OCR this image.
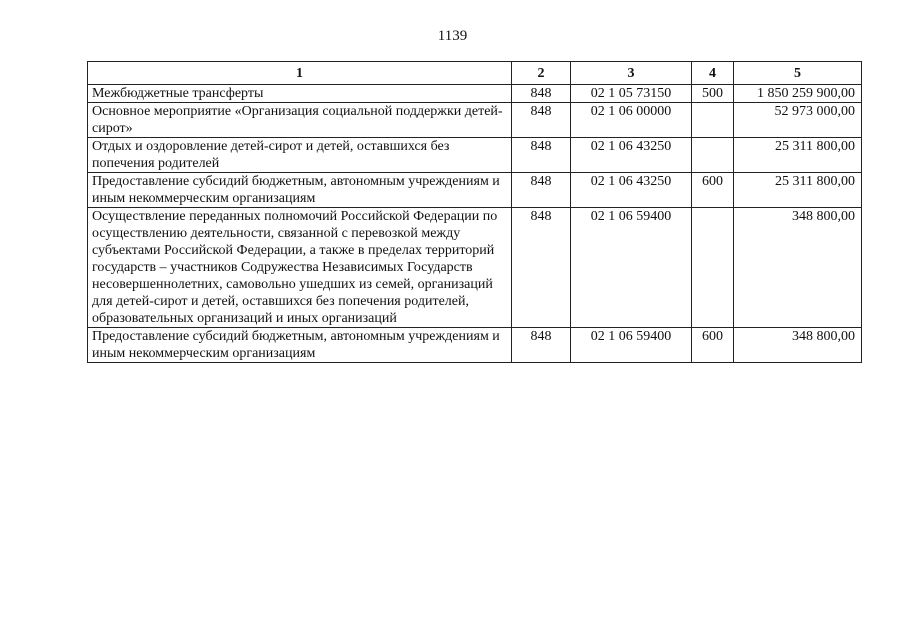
1139
1	2	3	4	5
Межбюджетные трансферты	848	02 1 05 73150	500	1 850 259 900,00
Основное мероприятие «Организация социальной поддержки детей-сирот»	848	02 1 06 00000		52 973 000,00
Отдых и оздоровление детей-сирот и детей, оставшихся без попечения родителей	848	02 1 06 43250		25 311 800,00
Предоставление субсидий бюджетным, автономным учреждениям и иным некоммерческим организациям	848	02 1 06 43250	600	25 311 800,00
Осуществление переданных полномочий Российской Федерации по осуществлению деятельности, связанной с перевозкой между субъектами Российской Федерации, а также в пределах территорий государств – участников Содружества Независимых Государств несовершеннолетних, самовольно ушедших из семей, организаций для детей-сирот и детей, оставшихся без попечения родителей, образовательных организаций и иных организаций	848	02 1 06 59400		348 800,00
Предоставление субсидий бюджетным, автономным учреждениям и иным некоммерческим организациям	848	02 1 06 59400	600	348 800,00
